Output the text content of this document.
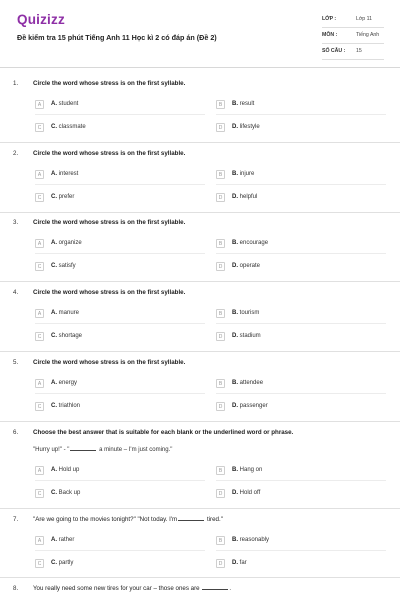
Quizizz
Đề kiểm tra 15 phút Tiếng Anh 11 Học kì 2 có đáp án (Đề 2)
LỚP :	Lớp 11
MÔN :	Tiếng Anh
SỐ CÂU : 15
1. Circle the word whose stress is on the first syllable.
A	A. student	B	B. result
C	C. classmate	D	D. lifestyle
2. Circle the word whose stress is on the first syllable.
A	A. interest	B	B. injure
C	C. prefer	D	D. helpful
3. Circle the word whose stress is on the first syllable.
A	A. organize	B	B. encourage
C	C. satisfy	D	D. operate
4. Circle the word whose stress is on the first syllable.
A	A. manure	B	B. tourism
C	C. shortage	D	D. stadium
5. Circle the word whose stress is on the first syllable.
A	A. energy	B	B. attendee
C	C. triathlon	D	D. passenger
6. Choose the best answer that is suitable for each blank or the underlined word or phrase.
"Hurry up!" - "	a minute – I'm just coming."
A	A. Hold up	B	B. Hang on
C	C. Back up	D	D. Hold off
7. "Are we going to the movies tonight?" "Not today. I'm	tired."
A	A. rather	B	B. reasonably
C	C. partly	D	D. far
8. You really need some new tires for your car – those ones are	.
